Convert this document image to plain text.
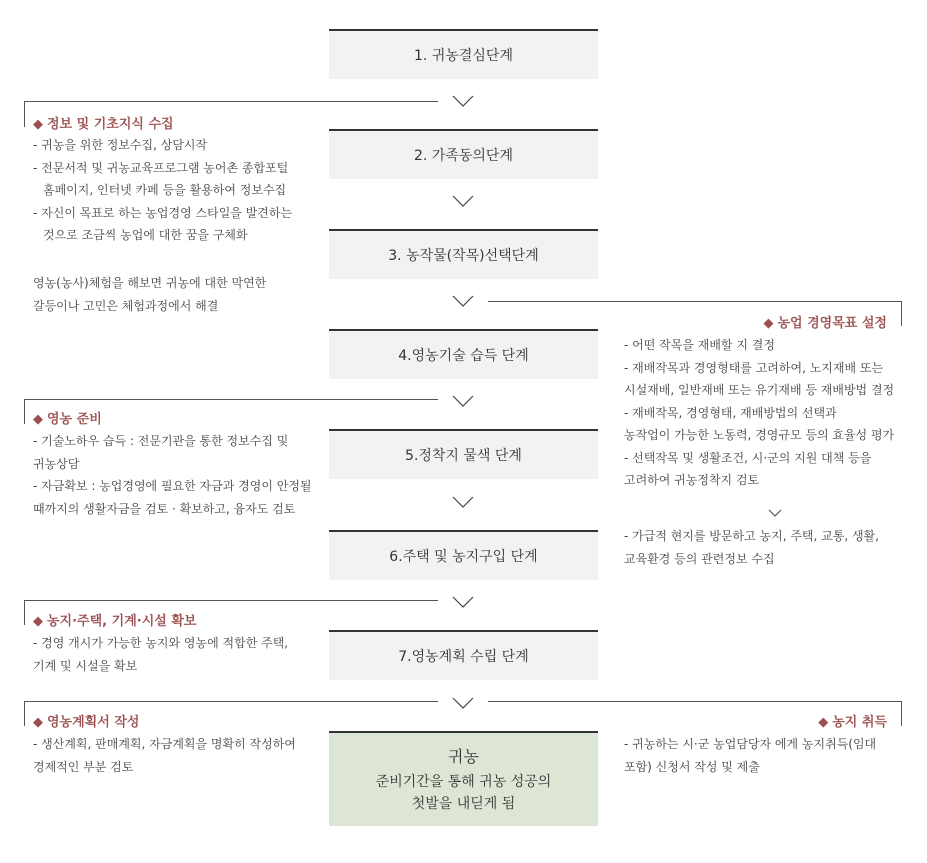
1. 귀농결심단계
2. 가족동의단계
3. 농작물(작목)선택단계
4.영농기술 습득 단계
5.정착지 물색 단계
6.주택 및 농지구입 단계
7.영농계획 수립 단계
귀농
준비기간을 통해 귀농 성공의
첫발을 내딛게 됨
◆ 정보 및 기초지식 수집
- 귀농을 위한 정보수집, 상담시작
- 전문서적 및 귀농교육프로그램 농어촌 종합포털
홈페이지, 인터넷 카페 등을 활용하여 정보수집
- 자신이 목표로 하는 농업경영 스타일을 발견하는
것으로 조금씩 농업에 대한 꿈을 구체화
영농(농사)체험을 해보면 귀농에 대한 막연한
갈등이나 고민은 체험과정에서 해결
◆ 영농 준비
- 기술노하우 습득 : 전문기관을 통한 정보수집 및
귀농상담
- 자금확보 : 농업경영에 필요한 자금과 경영이 안정될
때까지의 생활자금을 검토 · 확보하고, 융자도 검토
◆ 농지·주택, 기계·시설 확보
- 경영 개시가 가능한 농지와 영농에 적합한 주택,
기계 및 시설을 확보
◆ 영농계획서 작성
- 생산계획, 판매계획, 자금계획을 명확히 작성하여
경제적인 부분 검토
◆ 농업 경영목표 설정
- 어떤 작목을 재배할 지 결정
- 재배작목과 경영형태를 고려하여, 노지재배 또는
시설재배, 일반재배 또는 유기재배 등 재배방법 결정
- 재배작목, 경영형태, 재배방법의 선택과
농작업이 가능한 노동력, 경영규모 등의 효율성 평가
- 선택작목 및 생활조건, 시·군의 지원 대책 등을
고려하여 귀농정착지 검토
- 가급적 현지를 방문하고 농지, 주택, 교통, 생활,
교육환경 등의 관련정보 수집
◆ 농지 취득
- 귀농하는 시·군 농업담당자 에게 농지취득(임대
포함) 신청서 작성 및 제출
